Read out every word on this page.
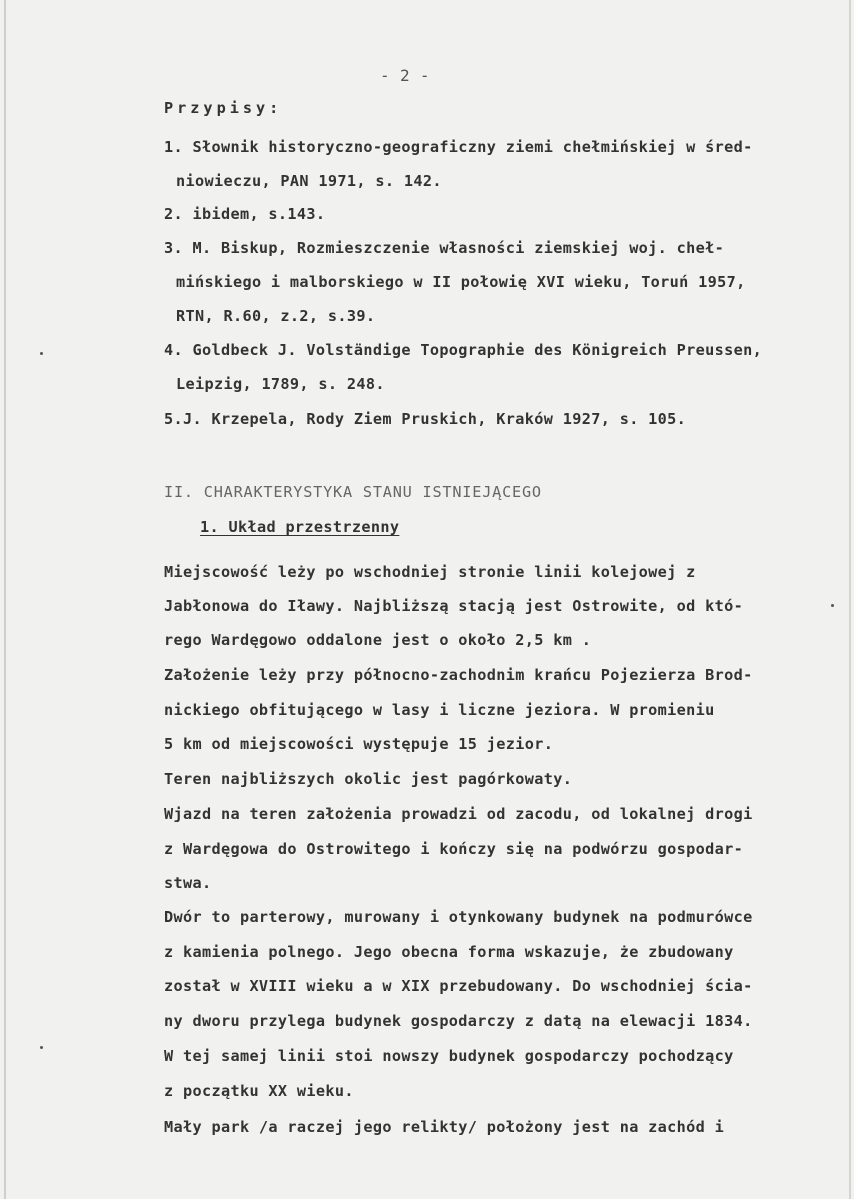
- 2 -
Przypisy:
1. Słownik historyczno-geograficzny ziemi chełmińskiej w śred-
niowieczu, PAN 1971, s. 142.
2. ibidem, s.143.
3. M. Biskup, Rozmieszczenie własności ziemskiej woj. cheł-
mińskiego i malborskiego w II połowię XVI wieku, Toruń 1957,
RTN, R.60, z.2, s.39.
4. Goldbeck J. Volständige Topographie des Königreich Preussen,
Leipzig, 1789, s. 248.
5.J. Krzepela, Rody Ziem Pruskich, Kraków 1927, s. 105.
II. CHARAKTERYSTYKA STANU ISTNIEJĄCEGO
1. Układ przestrzenny
Miejscowość leży po wschodniej stronie linii kolejowej z
Jabłonowa do Iławy. Najbliższą stacją jest Ostrowite, od któ-
rego Wardęgowo oddalone jest o około 2,5 km .
Założenie leży przy północno-zachodnim krańcu Pojezierza Brod-
nickiego obfitującego w lasy i liczne jeziora. W promieniu
5 km od miejscowości występuje 15 jezior.
Teren najbliższych okolic jest pagórkowaty.
Wjazd na teren założenia prowadzi od zacodu, od lokalnej drogi
z Wardęgowa do Ostrowitego i kończy się na podwórzu gospodar-
stwa.
Dwór to parterowy, murowany i otynkowany budynek na podmurówce
z kamienia polnego. Jego obecna forma wskazuje, że zbudowany
został w XVIII wieku a w XIX przebudowany. Do wschodniej ścia-
ny dworu przylega budynek gospodarczy z datą na elewacji 1834.
W tej samej linii stoi nowszy budynek gospodarczy pochodzący
z początku XX wieku.
Mały park /a raczej jego relikty/ położony jest na zachód i
